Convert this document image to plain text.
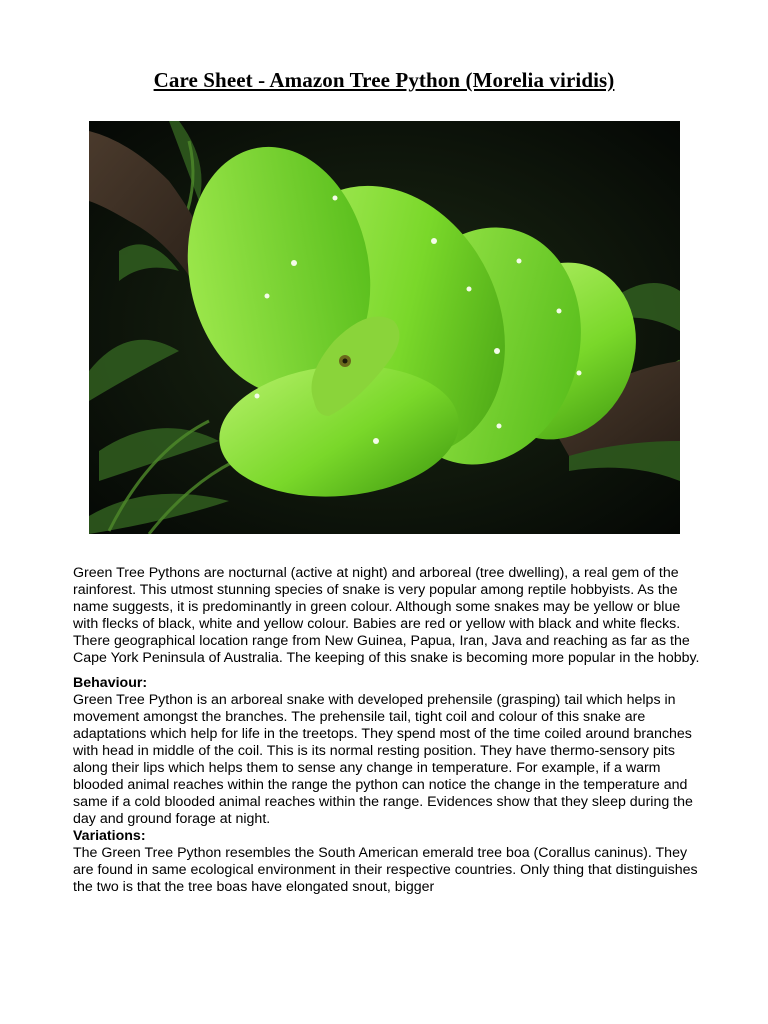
Care Sheet - Amazon Tree Python (Morelia viridis)

Green Tree Pythons are nocturnal (active at night) and arboreal (tree dwelling), a real gem of the rainforest. This utmost stunning species of snake is very popular among reptile hobbyists. As the name suggests, it is predominantly in green colour. Although some snakes may be yellow or blue with flecks of black, white and yellow colour. Babies are red or yellow with black and white flecks.

There geographical location range from New Guinea, Papua, Iran, Java and reaching as far as the Cape York Peninsula of Australia. The keeping of this snake is becoming more popular in the hobby.

Behaviour:

Green Tree Python is an arboreal snake with developed prehensile (grasping) tail which helps in movement amongst the branches. The prehensile tail, tight coil and colour of this snake are adaptations which help for life in the treetops. They spend most of the time coiled around branches with head in middle of the coil. This is its normal resting position. They have thermo-sensory pits along their lips which helps them to sense any change in temperature. For example, if a warm blooded animal reaches within the range the python can notice the change in the temperature and same if a cold blooded animal reaches within the range. Evidences show that they sleep during the day and ground forage at night.

Variations:

The Green Tree Python resembles the South American emerald tree boa (Corallus caninus). They are found in same ecological environment in their respective countries. Only thing that distinguishes the two is that the tree boas have elongated snout, bigger
